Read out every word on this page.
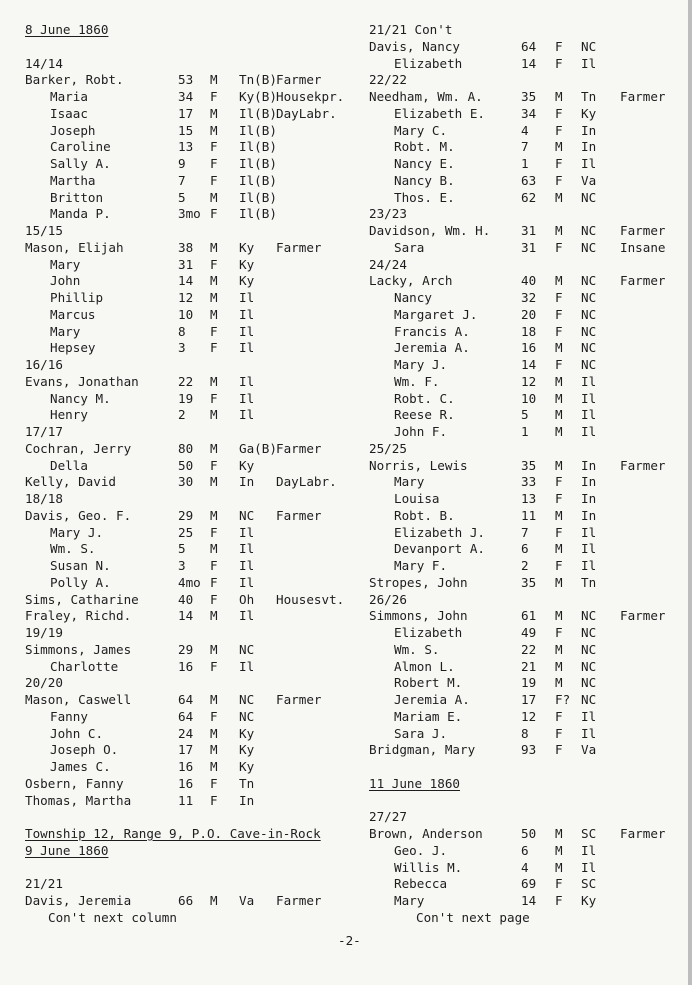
8 June 1860
14/14
Barker, Robt.	53 M Tn(B) Farmer
Maria	34 F Ky(B) Housekpr.
Isaac	17 M Il(B) DayLabr.
Joseph	15 M Il(B)
Caroline	13 F Il(B)
Sally A.	9 F Il(B)
Martha	7 F Il(B)
Britton	5 M Il(B)
Manda P.	3mo F Il(B)
15/15
Mason, Elijah	38 M Ky Farmer
Mary	31 F Ky
John	14 M Ky
Phillip	12 M Il
Marcus	10 M Il
Mary	8 F Il
Hepsey	3 F Il
16/16
Evans, Jonathan	22 M Il
Nancy M.	19 F Il
Henry	2 M Il
17/17
Cochran, Jerry	80 M Ga(B) Farmer
Della	50 F Ky
Kelly, David	30 M In DayLabr.
18/18
Davis, Geo. F.	29 M NC Farmer
Mary J.	25 F Il
Wm. S.	5 M Il
Susan N.	3 F Il
Polly A.	4mo F Il
Sims, Catharine	40 F Oh Housesvt.
Fraley, Richd.	14 M Il
19/19
Simmons, James	29 M NC
Charlotte	16 F Il
20/20
Mason, Caswell	64 M NC Farmer
Fanny	64 F NC
John C.	24 M Ky
Joseph O.	17 M Ky
James C.	16 M Ky
Osbern, Fanny	16 F Tn
Thomas, Martha	11 F In
Township 12, Range 9, P.O. Cave-in-Rock
9 June 1860
21/21
Davis, Jeremia	66 M Va Farmer
Con't next column
21/21 Con't
Davis, Nancy	64 F NC
Elizabeth	14 F Il
22/22
Needham, Wm. A.	35 M Tn Farmer
Elizabeth E.	34 F Ky
Mary C.	4 F In
Robt. M.	7 M In
Nancy E.	1 F Il
Nancy B.	63 F Va
Thos. E.	62 M NC
23/23
Davidson, Wm. H. 31 M NC Farmer
Sara	31 F NC Insane
24/24
Lacky, Arch	40 M NC Farmer
Nancy	32 F NC
Margaret J.	20 F NC
Francis A.	18 F NC
Jeremia A.	16 M NC
Mary J.	14 F NC
Wm. F.	12 M Il
Robt. C.	10 M Il
Reese R.	5 M Il
John F.	1 M Il
25/25
Norris, Lewis	35 M In Farmer
Mary	33 F In
Louisa	13 F In
Robt. B.	11 M In
Elizabeth J.	7 F Il
Devanport A.	6 M Il
Mary F.	2 F Il
Stropes, John	35 M Tn
26/26
Simmons, John	61 M NC Farmer
Elizabeth	49 F NC
Wm. S.	22 M NC
Almon L.	21 M NC
Robert M.	19 M NC
Jeremia A.	17 F? NC
Mariam E.	12 F Il
Sara J.	8 F Il
Bridgman, Mary	93 F Va
11 June 1860
27/27
Brown, Anderson	50 M SC Farmer
Geo. J.	6 M Il
Willis M.	4 M Il
Rebecca	69 F SC
Mary	14 F Ky
Con't next page
-2-
